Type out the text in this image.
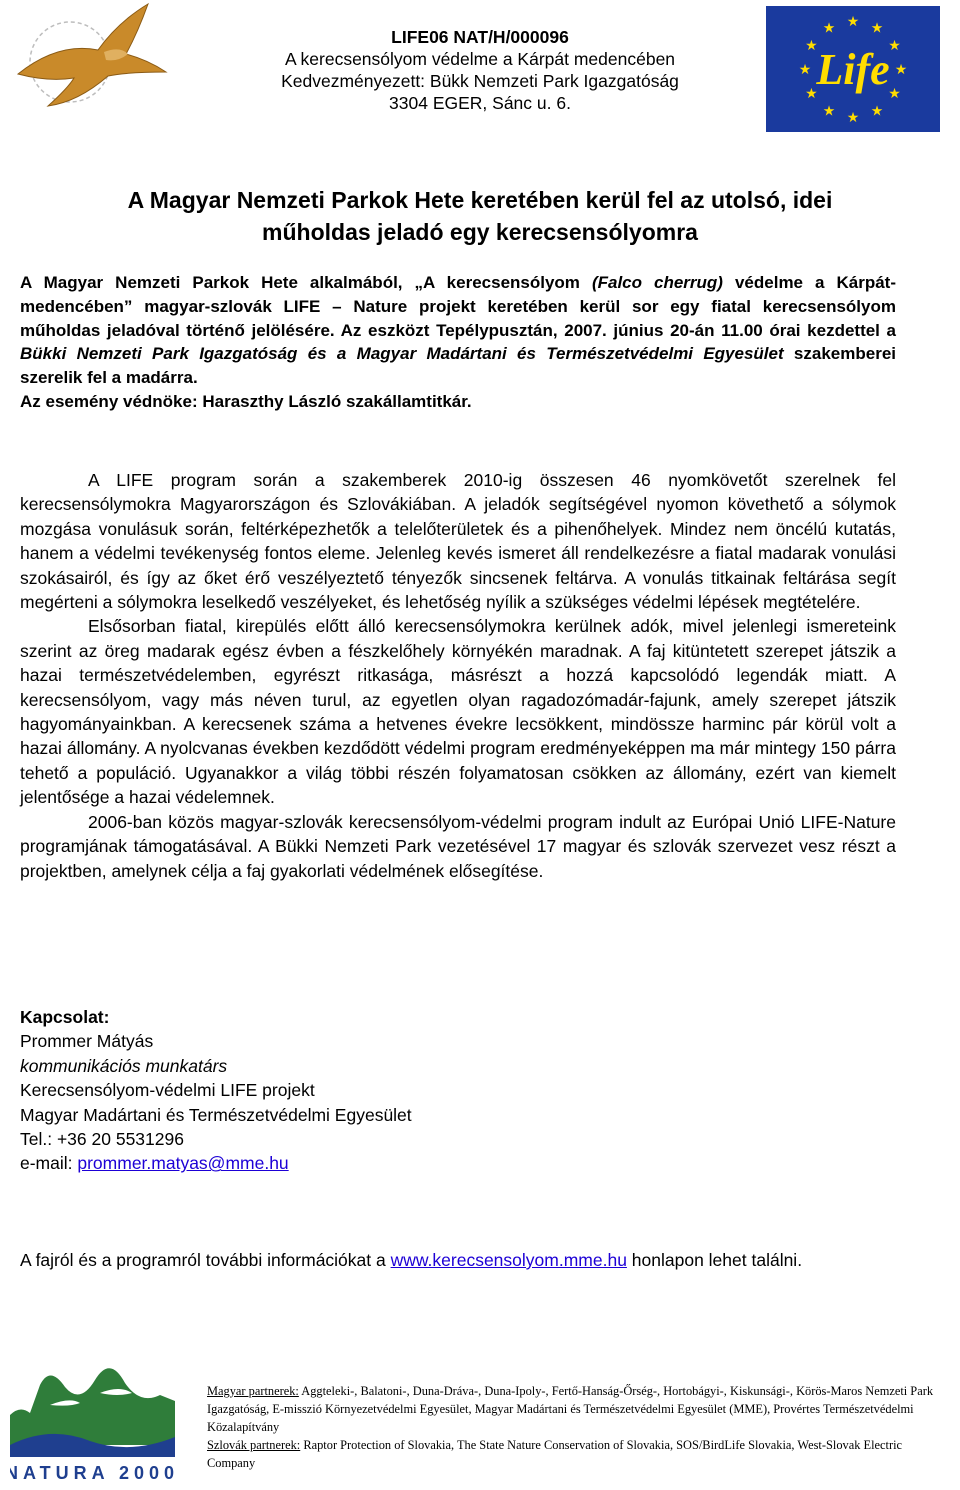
★ ★
★
★
★
★
★
★
★
★
★
★
Life
LIFE06 NAT/H/000096
A kerecsensólyom védelme a Kárpát medencében
Kedvezményezett: Bükk Nemzeti Park Igazgatóság
3304 EGER, Sánc u. 6.
A Magyar Nemzeti Parkok Hete keretében kerül fel az utolsó, idei
műholdas jeladó egy kerecsensólyomra
A Magyar Nemzeti Parkok Hete alkalmából, „A kerecsensólyom (Falco cherrug) védelme a Kárpát-medencében” magyar-szlovák LIFE – Nature projekt keretében kerül sor egy fiatal kerecsensólyom műholdas jeladóval történő jelölésére. Az eszközt Tepélypusztán, 2007. június 20-án 11.00 órai kezdettel a Bükki Nemzeti Park Igazgatóság és a Magyar Madártani és Természetvédelmi Egyesület szakemberei szerelik fel a madárra.
Az esemény védnöke: Haraszthy László szakállamtitkár.

A LIFE program során a szakemberek 2010-ig összesen 46 nyomkövetőt szerelnek fel kerecsensólymokra Magyarországon és Szlovákiában. A jeladók segítségével nyomon követhető a sólymok mozgása vonulásuk során, feltérképezhetők a telelőterületek és a pihenőhelyek. Mindez nem öncélú kutatás, hanem a védelmi tevékenység fontos eleme. Jelenleg kevés ismeret áll rendelkezésre a fiatal madarak vonulási szokásairól, és így az őket érő veszélyeztető tényezők sincsenek feltárva. A vonulás titkainak feltárása segít megérteni a sólymokra leselkedő veszélyeket, és lehetőség nyílik a szükséges védelmi lépések megtételére.

Elsősorban fiatal, kirepülés előtt álló kerecsensólymokra kerülnek adók, mivel jelenlegi ismereteink szerint az öreg madarak egész évben a fészkelőhely környékén maradnak. A faj kitüntetett szerepet játszik a hazai természetvédelemben, egyrészt ritkasága, másrészt a hozzá kapcsolódó legendák miatt. A kerecsensólyom, vagy más néven turul, az egyetlen olyan ragadozómadár-fajunk, amely szerepet játszik hagyományainkban. A kerecsenek száma a hetvenes évekre lecsökkent, mindössze harminc pár körül volt a hazai állomány. A nyolcvanas években kezdődött védelmi program eredményeképpen ma már mintegy 150 párra tehető a populáció. Ugyanakkor a világ többi részén folyamatosan csökken az állomány, ezért van kiemelt jelentősége a hazai védelemnek.

2006-ban közös magyar-szlovák kerecsensólyom-védelmi program indult az Európai Unió LIFE-Nature programjának támogatásával. A Bükki Nemzeti Park vezetésével 17 magyar és szlovák szervezet vesz részt a projektben, amelynek célja a faj gyakorlati védelmének elősegítése.

Kapcsolat:
Prommer Mátyás
kommunikációs munkatárs
Kerecsensólyom-védelmi LIFE projekt
Magyar Madártani és Természetvédelmi Egyesület
Tel.: +36 20 5531296
e-mail: prommer.matyas@mme.hu
A fajról és a programról további információkat a www.kerecsensolyom.mme.hu honlapon lehet találni.
NATURA 2000
Magyar partnerek: Aggteleki-, Balatoni-, Duna-Dráva-, Duna-Ipoly-, Fertő-Hanság-Őrség-, Hortobágyi-, Kiskunsági-, Körös-Maros Nemzeti Park Igazgatóság, E-misszió Környezetvédelmi Egyesület, Magyar Madártani és Természetvédelmi Egyesület (MME), Provértes Természetvédelmi Közalapítvány
Szlovák partnerek: Raptor Protection of Slovakia, The State Nature Conservation of Slovakia, SOS/BirdLife Slovakia, West-Slovak Electric Company
